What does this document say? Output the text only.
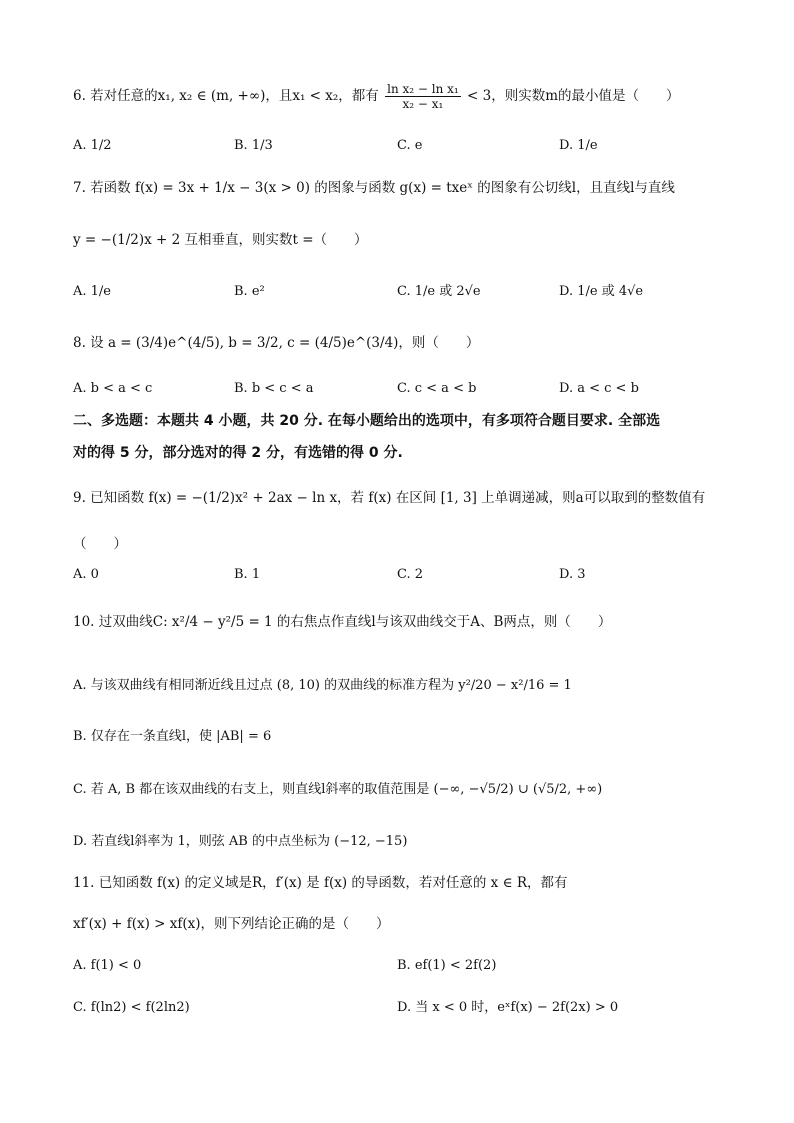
6. 若对任意的x₁, x₂ ∈ (m, +∞)，且x₁ < x₂，都有 $\frac{\text{ln x₂ − ln x₁}}{\text{x₂ − x₁}} < 3$，则实数m的最小值是（　　）
A. 1/2	B. 1/3	C. e	D. 1/e
7. 若函数 f(x) = 3x + 1/x − 3(x > 0) 的图象与函数 g(x) = txeˣ 的图象有公切线l，且直线l与直线
y = −(1/2)x + 2 互相垂直，则实数t =（　　）
A. 1/e	B. e²	C. 1/e 或 2√e	D. 1/e 或 4√e
8. 设 a = (3/4)e^(4/5), b = 3/2, c = (4/5)e^(3/4)，则（　　）
A. b < a < c	B. b < c < a	C. c < a < b	D. a < c < b
二、多选题：本题共 4 小题，共 20 分. 在每小题给出的选项中，有多项符合题目要求. 全部选
对的得 5 分，部分选对的得 2 分，有选错的得 0 分.
9. 已知函数 f(x) = −(1/2)x² + 2ax − ln x，若 f(x) 在区间 [1, 3] 上单调递减，则a可以取到的整数值有
（　　）
A. 0	B. 1	C. 2	D. 3
10. 过双曲线C: x²/4 − y²/5 = 1 的右焦点作直线l与该双曲线交于A、B两点，则（　　）
A. 与该双曲线有相同渐近线且过点 (8, 10) 的双曲线的标准方程为 y²/20 − x²/16 = 1
B. 仅存在一条直线l，使 |AB| = 6
C. 若 A, B 都在该双曲线的右支上，则直线l斜率的取值范围是 (−∞, −√5/2) ∪ (√5/2, +∞)
D. 若直线l斜率为 1，则弦 AB 的中点坐标为 (−12, −15)
11. 已知函数 f(x) 的定义域是R，f′(x) 是 f(x) 的导函数，若对任意的 x ∈ R，都有
xf′(x) + f(x) > xf(x)，则下列结论正确的是（　　）
A. f(1) < 0	B. ef(1) < 2f(2)
C. f(ln2) < f(2ln2)	D. 当 x < 0 时，eˣf(x) − 2f(2x) > 0
